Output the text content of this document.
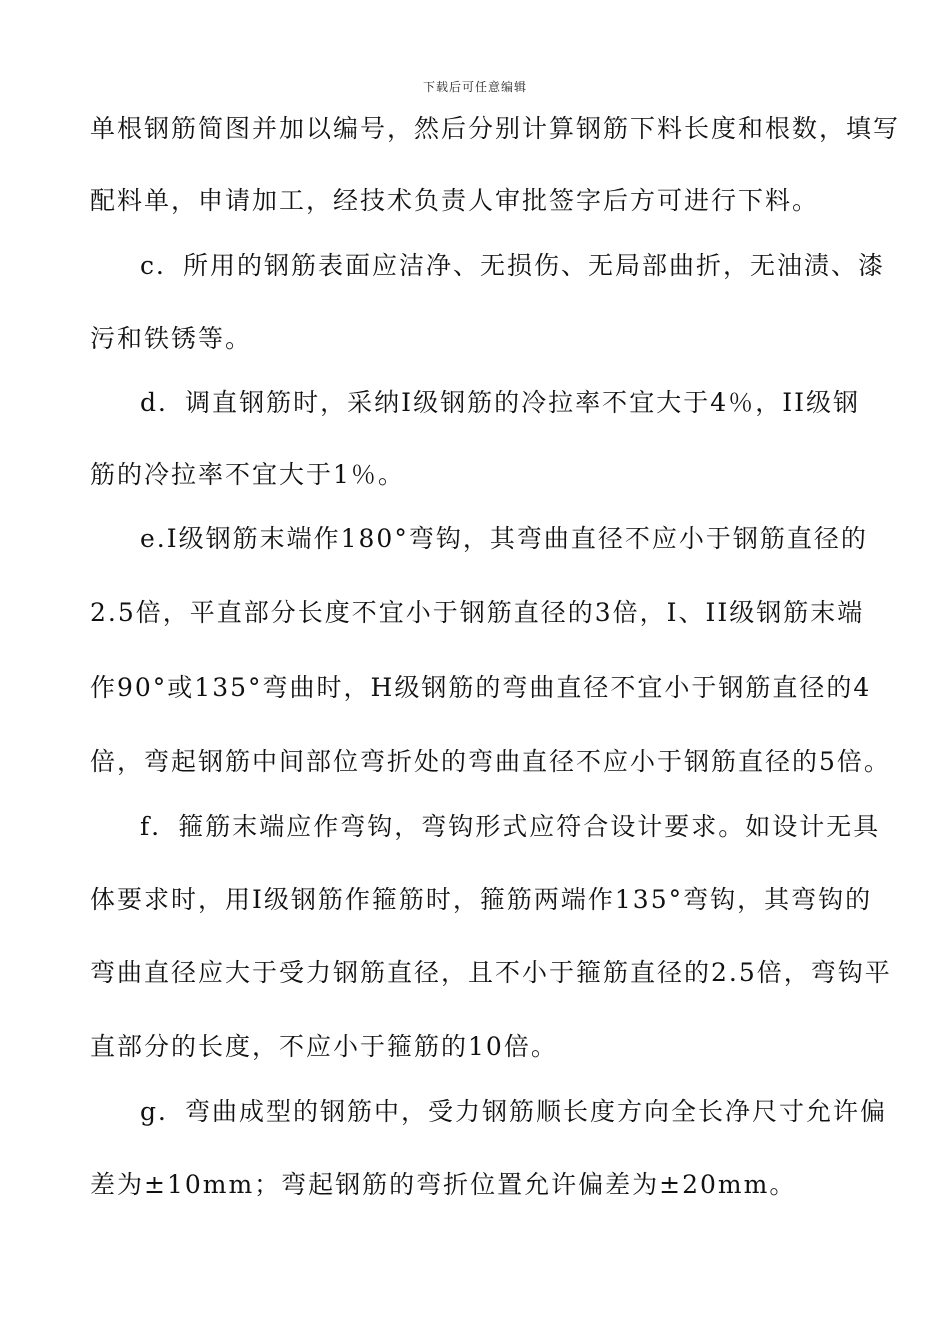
下载后可任意编辑
单根钢筋简图并加以编号，然后分别计算钢筋下料长度和根数，填写
配料单，申请加工，经技术负责人审批签字后方可进行下料。
c．所用的钢筋表面应洁净、无损伤、无局部曲折，无油渍、漆
污和铁锈等。
d．调直钢筋时，采纳Ⅰ级钢筋的冷拉率不宜大于4％，II级钢
筋的冷拉率不宜大于1％。
e.Ⅰ级钢筋末端作180°弯钩，其弯曲直径不应小于钢筋直径的
2.5倍，平直部分长度不宜小于钢筋直径的3倍，I、II级钢筋末端
作90°或135°弯曲时，H级钢筋的弯曲直径不宜小于钢筋直径的4
倍，弯起钢筋中间部位弯折处的弯曲直径不应小于钢筋直径的5倍。
f．箍筋末端应作弯钩，弯钩形式应符合设计要求。如设计无具
体要求时，用Ⅰ级钢筋作箍筋时，箍筋两端作135°弯钩，其弯钩的
弯曲直径应大于受力钢筋直径，且不小于箍筋直径的2.5倍，弯钩平
直部分的长度，不应小于箍筋的10倍。
g．弯曲成型的钢筋中，受力钢筋顺长度方向全长净尺寸允许偏
差为±10mm；弯起钢筋的弯折位置允许偏差为±20mm。
